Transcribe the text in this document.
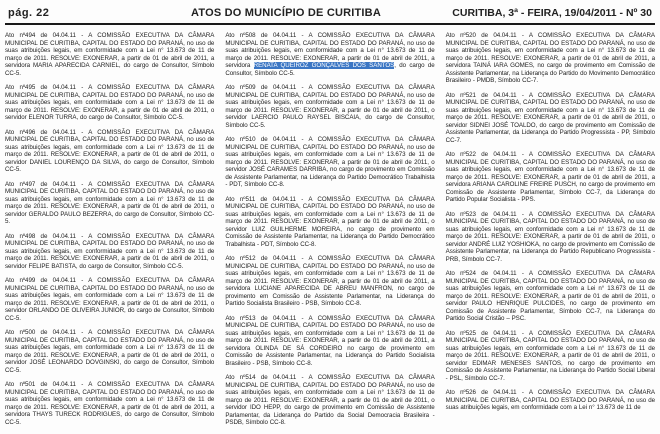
pág. 22	ATOS DO MUNICÍPIO DE CURITIBA	CURITIBA, 3ª - FEIRA, 19/04/2011 - Nº 30

Ato nº494 de 04.04.11 - A COMISSÃO EXECUTIVA DA CÂMARA MUNICIPAL DE CURITIBA, CAPITAL DO ESTADO DO PARANÁ, no uso de suas atribuições legais, em conformidade com a Lei n° 13.673 de 11 de março de 2011. RESOLVE: EXONERAR, a partir de 01 de abril de 2011, a servidora MARIA APARECIDA CARNIEL, do cargo de Consultor, Símbolo CC-5.

Ato nº495 de 04.04.11 - A COMISSÃO EXECUTIVA DA CÂMARA MUNICIPAL DE CURITIBA, CAPITAL DO ESTADO DO PARANÁ, no uso de suas atribuições legais, em conformidade com a Lei n° 13.673 de 11 de março de 2011. RESOLVE: EXONERAR, a partir de 01 de abril de 2011, o servidor ELENOR TURRA, do cargo de Consultor, Símbolo CC-5.

Ato nº496 de 04.04.11 - A COMISSÃO EXECUTIVA DA CÂMARA MUNICIPAL DE CURITIBA, CAPITAL DO ESTADO DO PARANÁ, no uso de suas atribuições legais, em conformidade com a Lei n° 13.673 de 11 de março de 2011. RESOLVE: EXONERAR, a partir de 01 de abril de 2011, o servidor DANIEL LOURENÇO DA SILVA, do cargo de Consultor, Símbolo CC-5.

Ato nº497 de 04.04.11 - A COMISSÃO EXECUTIVA DA CÂMARA MUNICIPAL DE CURITIBA, CAPITAL DO ESTADO DO PARANÁ, no uso de suas atribuições legais, em conformidade com a Lei n° 13.673 de 11 de março de 2011. RESOLVE: EXONERAR, a partir de 01 de abril de 2011, o servidor GERALDO PAULO BEZERRA, do cargo de Consultor, Símbolo CC-5.

Ato nº498 de 04.04.11 - A COMISSÃO EXECUTIVA DA CÂMARA MUNICIPAL DE CURITIBA, CAPITAL DO ESTADO DO PARANÁ, no uso de suas atribuições legais, em conformidade com a Lei n° 13.673 de 11 de março de 2011. RESOLVE: EXONERAR, a partir de 01 de abril de 2011, o servidor FELIPE BATISTA, do cargo de Consultor, Símbolo CC-5.

Ato nº499 de 04.04.11 - A COMISSÃO EXECUTIVA DA CÂMARA MUNICIPAL DE CURITIBA, CAPITAL DO ESTADO DO PARANÁ, no uso de suas atribuições legais, em conformidade com a Lei n° 13.673 de 11 de março de 2011. RESOLVE: EXONERAR, a partir de 01 de abril de 2011, o servidor ORLANDO DE OLIVEIRA JUNIOR, do cargo de Consultor, Símbolo CC-5.

Ato nº500 de 04.04.11 - A COMISSÃO EXECUTIVA DA CÂMARA MUNICIPAL DE CURITIBA, CAPITAL DO ESTADO DO PARANÁ, no uso de suas atribuições legais, em conformidade com a Lei n° 13.673 de 11 de março de 2011. RESOLVE: EXONERAR, a partir de 01 de abril de 2011, o servidor JOSÉ LEONARDO DOVGINSKI, do cargo de Consultor, Símbolo CC-5.

Ato nº501 de 04.04.11 - A COMISSÃO EXECUTIVA DA CÂMARA MUNICIPAL DE CURITIBA, CAPITAL DO ESTADO DO PARANÁ, no uso de suas atribuições legais, em conformidade com a Lei n° 13.673 de 11 de março de 2011. RESOLVE: EXONERAR, a partir de 01 de abril de 2011, a servidora THAYS TURECK RODRIGUES, do cargo de Consultor, Símbolo CC-5.

Ato nº508 de 04.04.11 - A COMISSÃO EXECUTIVA DA CÂMARA MUNICIPAL DE CURITIBA, CAPITAL DO ESTADO DO PARANÁ, no uso de suas atribuições legais, em conformidade com a Lei n° 13.673 de 11 de março de 2011. RESOLVE: EXONERAR, a partir de 01 de abril de 2011, a servidora RENATA QUEIROZ GONÇALVES DOS SANTOS, do cargo de Consultor, Símbolo CC-5.

Ato nº509 de 04.04.11 - A COMISSÃO EXECUTIVA DA CÂMARA MUNICIPAL DE CURITIBA, CAPITAL DO ESTADO DO PARANÁ, no uso de suas atribuições legais, em conformidade com a Lei n° 13.673 de 11 de março de 2011. RESOLVE: EXONERAR, a partir de 01 de abril de 2011, o servidor LAERCIO PAULO RAYSEL BISCAIA, do cargo de Consultor, Símbolo CC-5.

Ato nº510 de 04.04.11 - A COMISSÃO EXECUTIVA DA CÂMARA MUNICIPAL DE CURITIBA, CAPITAL DO ESTADO DO PARANÁ, no uso de suas atribuições legais, em conformidade com a Lei n° 13.673 de 11 de março de 2011. RESOLVE: EXONERAR, a partir de 01 de abril de 2011, o servidor JOSÉ CARAMES DARRIBA, no cargo de provimento em Comissão de Assistente Parlamentar, na Liderança do Partido Democrático Trabalhista - PDT, Símbolo CC-8.

Ato nº511 de 04.04.11 - A COMISSÃO EXECUTIVA DA CÂMARA MUNICIPAL DE CURITIBA, CAPITAL DO ESTADO DO PARANÁ, no uso de suas atribuições legais, em conformidade com a Lei n° 13.673 de 11 de março de 2011. RESOLVE: EXONERAR, a partir de 01 de abril de 2011, o servidor LUIZ GUILHERME MOREIRA, no cargo de provimento em Comissão de Assistente Parlamentar, na Liderança do Partido Democrático Trabalhista - PDT, Símbolo CC-8.

Ato nº512 de 04.04.11 - A COMISSÃO EXECUTIVA DA CÂMARA MUNICIPAL DE CURITIBA, CAPITAL DO ESTADO DO PARANÁ, no uso de suas atribuições legais, em conformidade com a Lei n° 13.673 de 11 de março de 2011. RESOLVE: EXONERAR, a partir de 01 de abril de 2011, a servidora LUCIANE APARECIDA DE ABREU MANFRON, no cargo de provimento em Comissão de Assistente Parlamentar, na Liderança do Partido Socialista Brasileiro - PSB, Símbolo CC-8.

Ato nº513 de 04.04.11 - A COMISSÃO EXECUTIVA DA CÂMARA MUNICIPAL DE CURITIBA, CAPITAL DO ESTADO DO PARANÁ, no uso de suas atribuições legais, em conformidade com a Lei n° 13.673 de 11 de março de 2011. RESOLVE: EXONERAR, a partir de 01 de abril de 2011, a servidora OLINDA DE SÁ CORDEIRO no cargo de provimento em Comissão de Assistente Parlamentar, na Liderança do Partido Socialista Brasileiro - PSB, Símbolo CC-8.

Ato nº514 de 04.04.11 - A COMISSÃO EXECUTIVA DA CÂMARA MUNICIPAL DE CURITIBA, CAPITAL DO ESTADO DO PARANÁ, no uso de suas atribuições legais, em conformidade com a Lei n° 13.673 de 11 de março de 2011. RESOLVE: EXONERAR, a partir de 01 de abril de 2011, o servidor IDO HEPP, do cargo de provimento em Comissão de Assistente Parlamentar, da Liderança do Partido da Social Democracia Brasileira - PSDB, Símbolo CC-8.

Ato nº520 de 04.04.11 - A COMISSÃO EXECUTIVA DA CÂMARA MUNICIPAL DE CURITIBA, CAPITAL DO ESTADO DO PARANÁ, no uso de suas atribuições legais, em conformidade com a Lei n° 13.673 de 11 de março de 2011. RESOLVE: EXONERAR, a partir de 01 de abril de 2011, a servidora TAINÁ IARA GOMES, no cargo de provimento em Comissão de Assistente Parlamentar, na Liderança do Partido do Movimento Democrático Brasileiro - PMDB, Símbolo CC-7.

Ato nº521 de 04.04.11 - A COMISSÃO EXECUTIVA DA CÂMARA MUNICIPAL DE CURITIBA, CAPITAL DO ESTADO DO PARANÁ, no uso de suas atribuições legais, em conformidade com a Lei n° 13.673 de 11 de março de 2011. RESOLVE: EXONERAR, a partir de 01 de abril de 2011, o servidor SIDNEI JOSÉ TOALDO, do cargo de provimento em Comissão de Assistente Parlamentar, da Liderança do Partido Progressista - PP, Símbolo CC-7.

Ato nº522 de 04.04.11 - A COMISSÃO EXECUTIVA DA CÂMARA MUNICIPAL DE CURITIBA, CAPITAL DO ESTADO DO PARANÁ, no uso de suas atribuições legais, em conformidade com a Lei n° 13.673 de 11 de março de 2011. RESOLVE: EXONERAR, a partir de 01 de abril de 2011, a servidora ARIANA CAROLINE FREIRE PUSCH, no cargo de provimento em Comissão de Assistente Parlamentar, Símbolo CC-7, da Liderança do Partido Popular Socialista - PPS.

Ato nº523 de 04.04.11 - A COMISSÃO EXECUTIVA DA CÂMARA MUNICIPAL DE CURITIBA, CAPITAL DO ESTADO DO PARANÁ, no uso de suas atribuições legais, em conformidade com a Lei n° 13.673 de 11 de março de 2011. RESOLVE: EXONERAR, a partir de 01 de abril de 2011, o servidor ANDRÉ LUIZ YOSHIOKA, no cargo de provimento em Comissão de Assistente Parlamentar, na Liderança do Partido Republicano Progressista - PRB, Símbolo CC-7.

Ato nº524 de 04.04.11 - A COMISSÃO EXECUTIVA DA CÂMARA MUNICIPAL DE CURITIBA, CAPITAL DO ESTADO DO PARANÁ, no uso de suas atribuições legais, em conformidade com a Lei n° 13.673 de 11 de março de 2011. RESOLVE: EXONERAR, a partir de 01 de abril de 2011, o servidor PAULO HENRIQUE PULCIDES, no cargo de provimento em Comissão de Assistente Parlamentar, Símbolo CC-7, na Liderança do Partido Social Cristão – PSC.

Ato nº525 de 04.04.11 - A COMISSÃO EXECUTIVA DA CÂMARA MUNICIPAL DE CURITIBA, CAPITAL DO ESTADO DO PARANÁ, no uso de suas atribuições legais, em conformidade com a Lei n° 13.673 de 11 de março de 2011. RESOLVE: EXONERAR, a partir de 01 de abril de 2011, o servidor EDIMAR MENESES SANTOS, no cargo de provimento em Comissão de Assistente Parlamentar, na Liderança do Partido Social Liberal - PSL, Símbolo CC-7.

Ato nº526 de 04.04.11 - A COMISSÃO EXECUTIVA DA CÂMARA MUNICIPAL DE CURITIBA, CAPITAL DO ESTADO DO PARANÁ, no uso de suas atribuições legais, em conformidade com a Lei n° 13.673 de 11 de
